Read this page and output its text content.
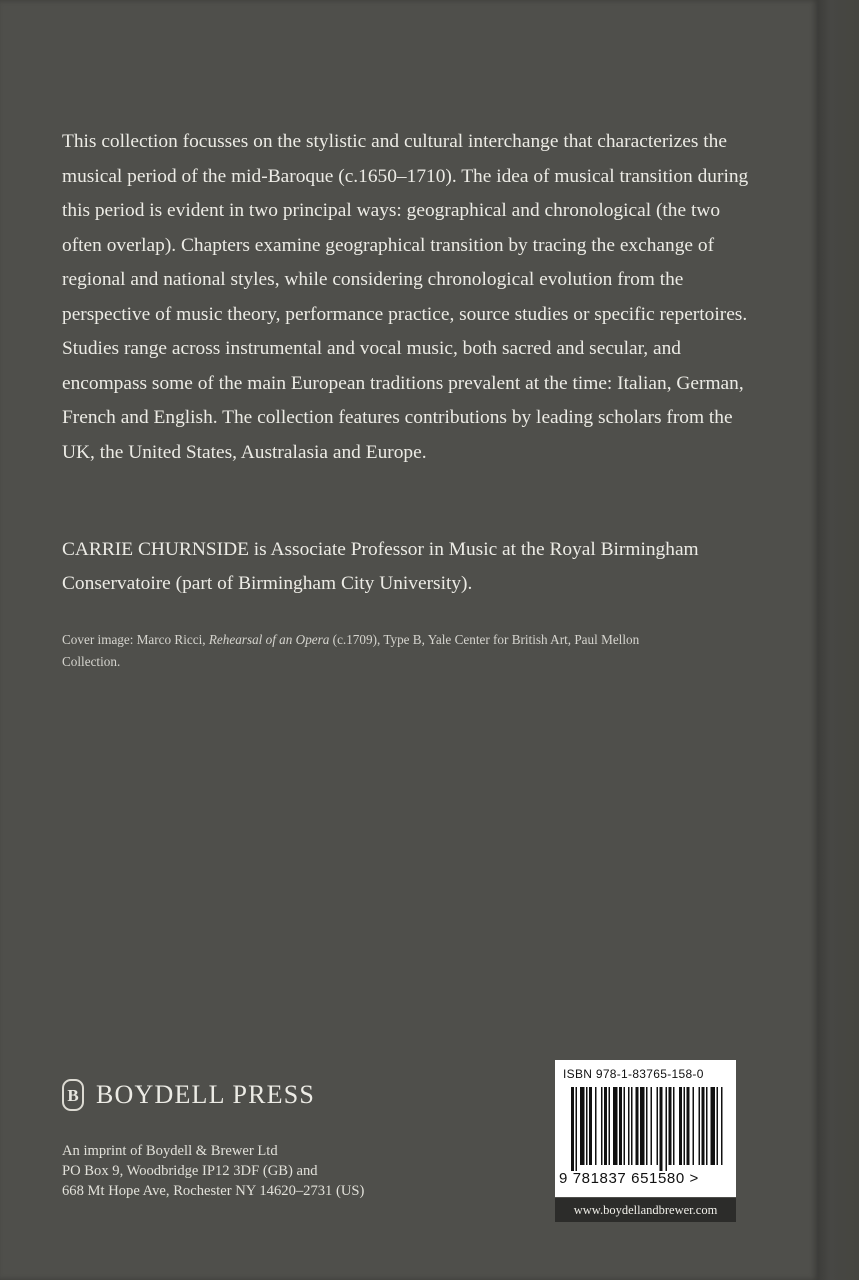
This collection focusses on the stylistic and cultural interchange that characterizes the musical period of the mid-Baroque (c.1650–1710). The idea of musical transition during this period is evident in two principal ways: geographical and chronological (the two often overlap). Chapters examine geographical transition by tracing the exchange of regional and national styles, while considering chronological evolution from the perspective of music theory, performance practice, source studies or specific repertoires. Studies range across instrumental and vocal music, both sacred and secular, and encompass some of the main European traditions prevalent at the time: Italian, German, French and English. The collection features contributions by leading scholars from the UK, the United States, Australasia and Europe.

CARRIE CHURNSIDE is Associate Professor in Music at the Royal Birmingham Conservatoire (part of Birmingham City University).

Cover image: Marco Ricci, Rehearsal of an Opera (c.1709), Type B, Yale Center for British Art, Paul Mellon Collection.

B BOYDELL PRESS
An imprint of Boydell & Brewer Ltd
PO Box 9, Woodbridge IP12 3DF (GB) and
668 Mt Hope Ave, Rochester NY 14620–2731 (US)
ISBN 978-1-83765-158-0
9 781837 651580 >
www.boydellandbrewer.com
